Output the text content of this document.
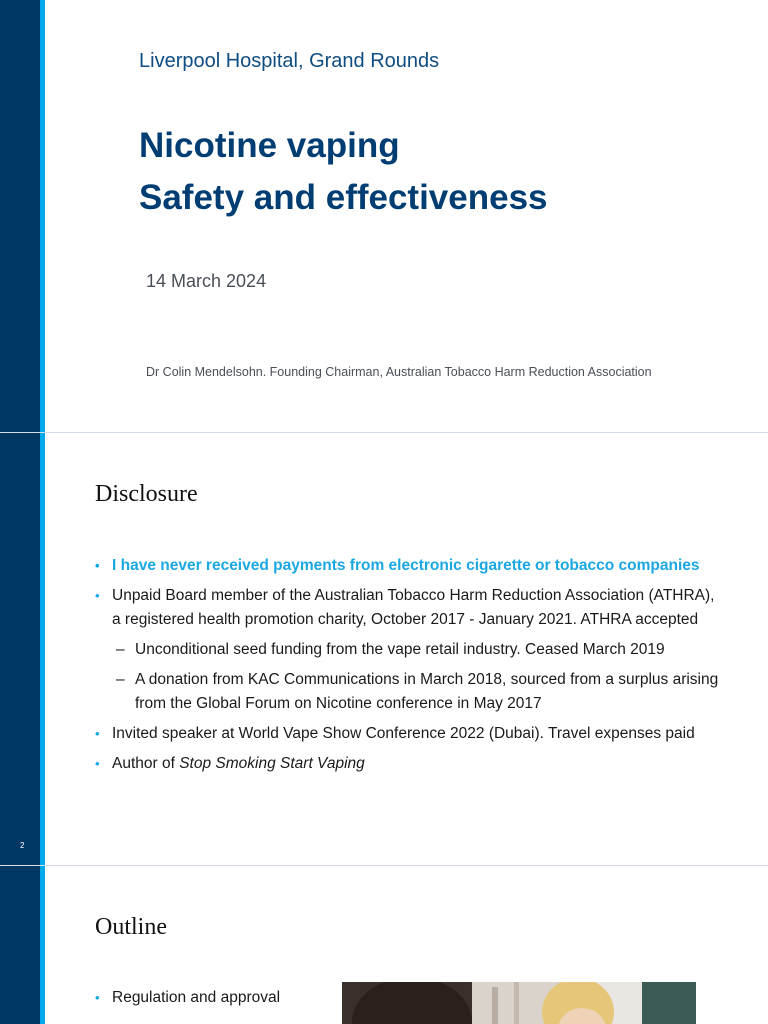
Liverpool Hospital, Grand Rounds
Nicotine vaping
Safety and effectiveness
14 March 2024
Dr Colin Mendelsohn. Founding Chairman, Australian Tobacco Harm Reduction Association
Disclosure
• I have never received payments from electronic cigarette or tobacco companies
• Unpaid Board member of the Australian Tobacco Harm Reduction Association (ATHRA), a registered health promotion charity, October 2017 - January 2021. ATHRA accepted
– Unconditional seed funding from the vape retail industry. Ceased March 2019
– A donation from KAC Communications in March 2018, sourced from a surplus arising from the Global Forum on Nicotine conference in May 2017
• Invited speaker at World Vape Show Conference 2022 (Dubai). Travel expenses paid
• Author of Stop Smoking Start Vaping
2
Outline
• Regulation and approval
